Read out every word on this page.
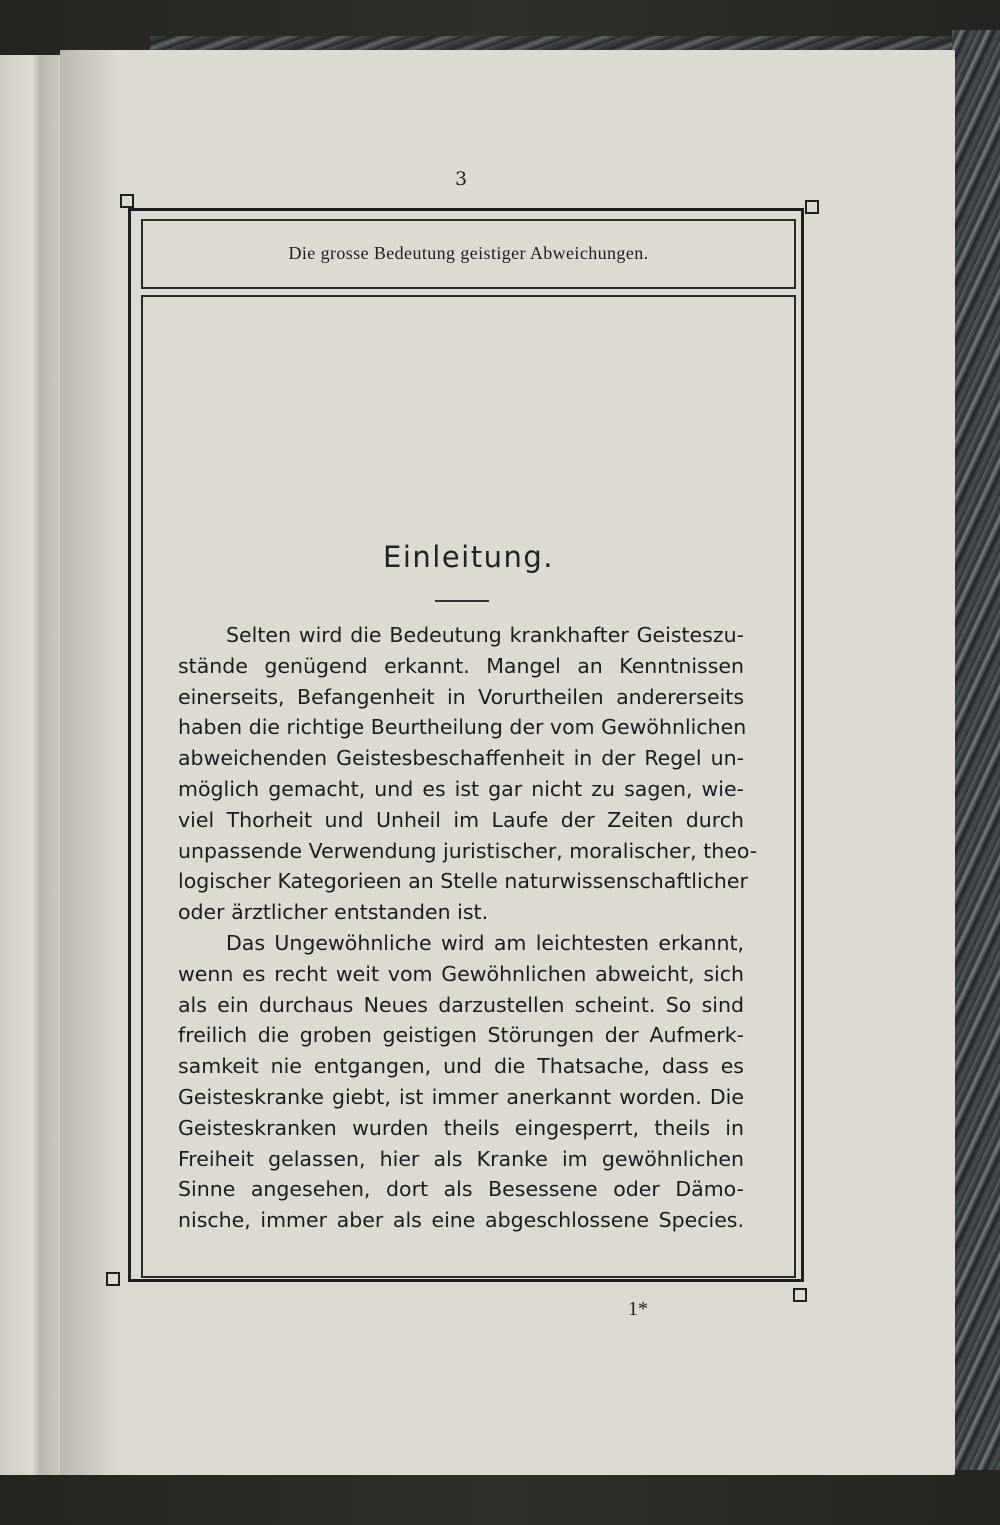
3
Die grosse Bedeutung geistiger Abweichungen.
Einleitung.
Selten wird die Bedeutung krankhafter Geisteszu-
stände genügend erkannt. Mangel an Kenntnissen
einerseits, Befangenheit in Vorurtheilen andererseits
haben die richtige Beurtheilung der vom Gewöhnlichen
abweichenden Geistesbeschaffenheit in der Regel un-
möglich gemacht, und es ist gar nicht zu sagen, wie-
viel Thorheit und Unheil im Laufe der Zeiten durch
unpassende Verwendung juristischer, moralischer, theo-
logischer Kategorieen an Stelle naturwissenschaftlicher
oder ärztlicher entstanden ist.
Das Ungewöhnliche wird am leichtesten erkannt,
wenn es recht weit vom Gewöhnlichen abweicht, sich
als ein durchaus Neues darzustellen scheint. So sind
freilich die groben geistigen Störungen der Aufmerk-
samkeit nie entgangen, und die Thatsache, dass es
Geisteskranke giebt, ist immer anerkannt worden. Die
Geisteskranken wurden theils eingesperrt, theils in
Freiheit gelassen, hier als Kranke im gewöhnlichen
Sinne angesehen, dort als Besessene oder Dämo-
nische, immer aber als eine abgeschlossene Species.
1*
